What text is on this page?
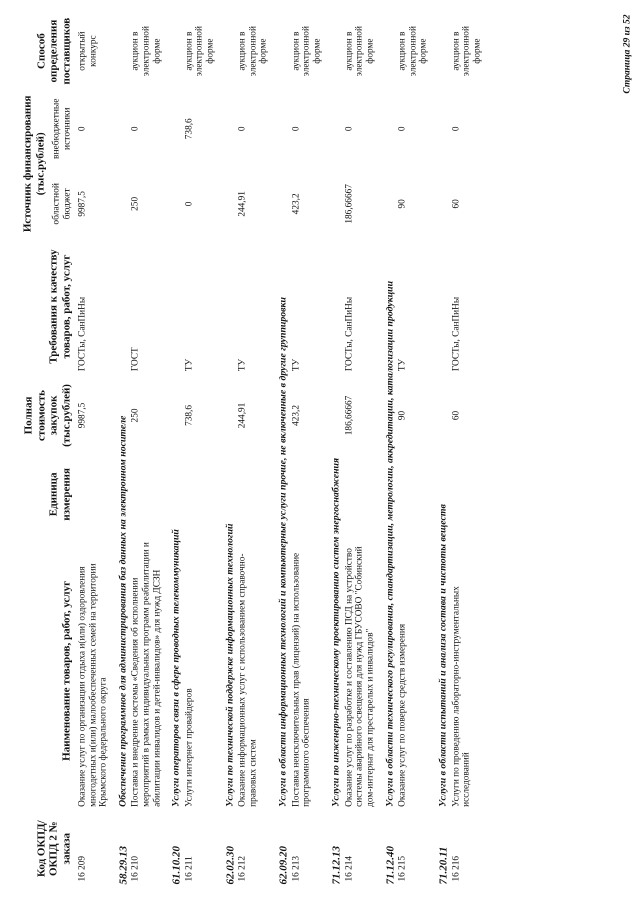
Код ОКПД/ ОКПД 2 № заказа	Наименование товаров, работ, услуг	Единица измерения	Полная стоимость закупок (тыс.рублей)	Требования к качеству товаров, работ, услуг	Источник финансирования (тыс.рублей)		Способ определения поставщиков
					областной бюджет	внебюджетные источники	
16 209	Оказание услуг по организации отдыха и(или) оздоровления многодетных и(или) малообеспеченных семей на территории Крымского федерального округа		9987,5	ГОСТы, СанПиНы	9987,5	0	открытый конкурс
58.29.13	Обеспечение программное для администрирования баз данных на электронном носителе						
16 210	Поставка и внедрение системы «Сведения об исполнении мероприятий в рамках индивидуальных программ реабилитации и абилитации инвалидов и детей-инвалидов» для нужд ДСЗН		250	ГОСТ	250	0	аукцион в электронной форме
61.10.20	Услуги операторов связи в сфере проводных телекоммуникаций						
16 211	Услуги интернет провайдеров		738,6	ТУ	0	738,6	аукцион в электронной форме
62.02.30	Услуги по технической поддержке информационных технологий						
16 212	Оказание информационных услуг с использованием справочно-правовых систем		244,91	ТУ	244,91	0	аукцион в электронной форме
62.09.20	Услуги в области информационных технологий и компьютерные услуги прочие, не включенные в другие группировки						
16 213	Поставка неисключительных прав (лицензий) на использование программного обеспечения		423,2	ТУ	423,2	0	аукцион в электронной форме
71.12.13	Услуги по инженерно-техническому проектированию систем энергоснабжения						
16 214	Оказание услуг по разработке и составлению ПСД на устройство системы аварийного освещения для нужд ГБУСОВО "Собинский дом-интернат для престарелых и инвалидов"		186,66667	ГОСТы, СанПиНы	186,66667	0	аукцион в электронной форме
71.12.40	Услуги в области технического регулирования, стандартизации, метрологии, аккредитации, каталогизации продукции						
16 215	Оказание услуг по поверке средств измерения		90	ТУ	90	0	аукцион в электронной форме
71.20.11	Услуги в области испытаний и анализа состава и чистоты веществ						
16 216	Услуги по проведению лабораторно-инструментальных исследований		60	ГОСТы, СанПиНы	60	0	аукцион в электронной форме	Страница 29 из 52
